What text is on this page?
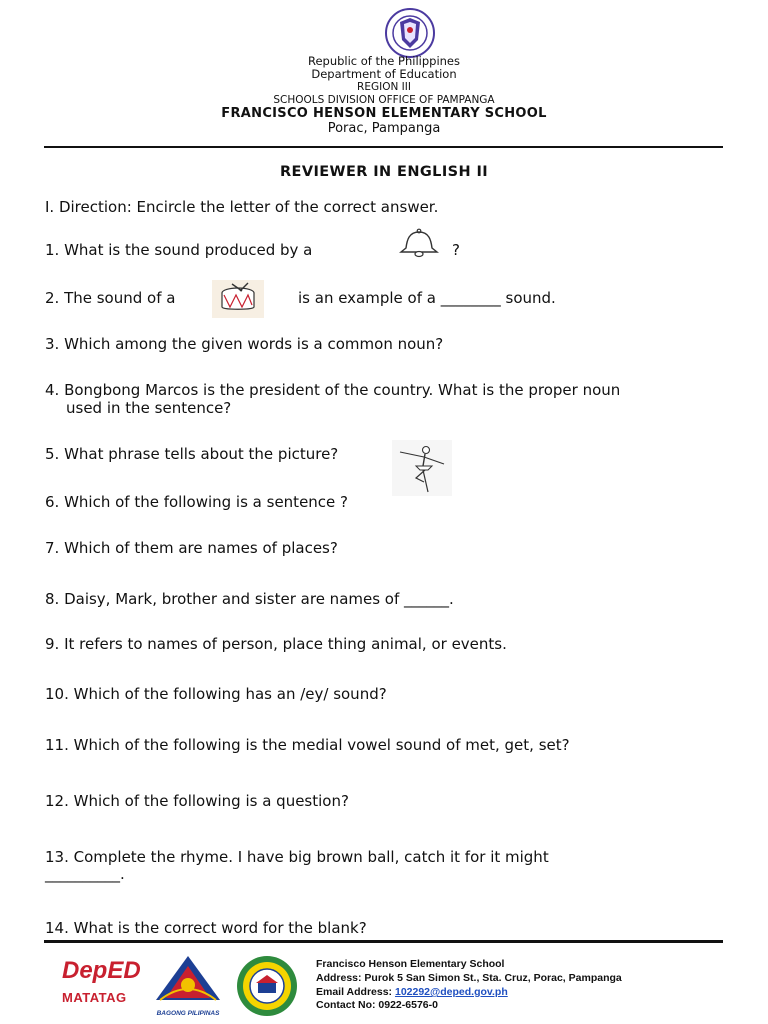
Republic of the Philippines
Department of Education
REGION III
SCHOOLS DIVISION OFFICE OF PAMPANGA
FRANCISCO HENSON ELEMENTARY SCHOOL
Porac, Pampanga
REVIEWER IN ENGLISH II
I. Direction: Encircle the letter of the correct answer.
1. What is the sound produced by a	?
2. The sound of a	is an example of a ________ sound.
3. Which among the given words is a common noun?
4. Bongbong Marcos is the president of the country. What is the proper noun
used in the sentence?
5. What phrase tells about the picture?
6. Which of the following is a sentence ?
7. Which of them are names of places?
8. Daisy, Mark, brother and sister are names of ______.
9. It refers to names of person, place thing animal, or events.
10. Which of the following has an /ey/ sound?
11. Which of the following is the medial vowel sound of met, get, set?
12. Which of the following is a question?
13. Complete the rhyme. I have big brown ball, catch it for it might
__________.
14. What is the correct word for the blank?
DepED
MATATAG
BAGONG PILIPINAS
Francisco Henson Elementary School
Address: Purok 5 San Simon St., Sta. Cruz, Porac, Pampanga
Email Address: 102292@deped.gov.ph
Contact No: 0922-6576-0
